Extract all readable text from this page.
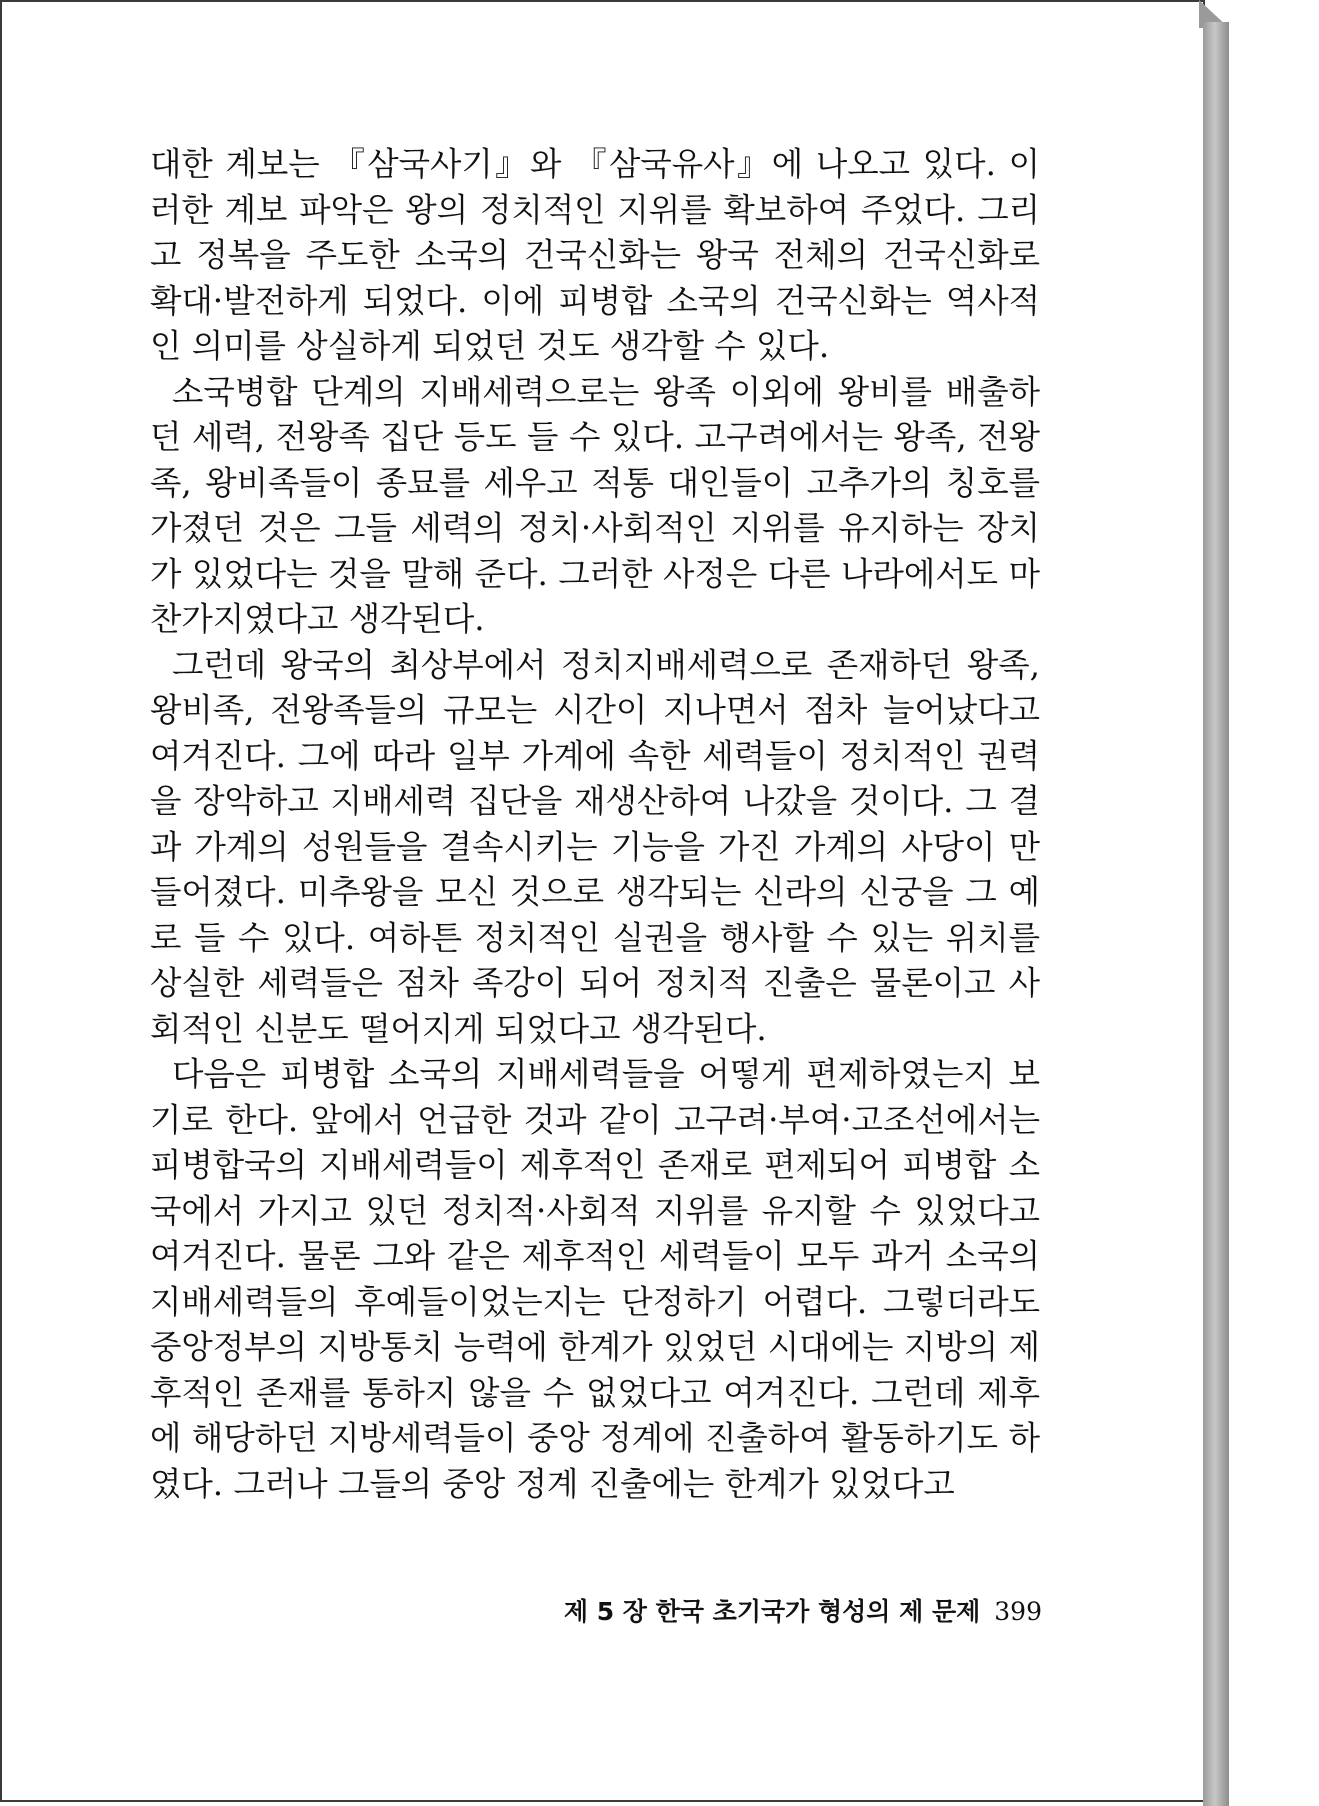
대한 계보는 『삼국사기』와 『삼국유사』에 나오고 있다. 이러한 계보 파악은 왕의 정치적인 지위를 확보하여 주었다. 그리고 정복을 주도한 소국의 건국신화는 왕국 전체의 건국신화로 확대·발전하게 되었다. 이에 피병합 소국의 건국신화는 역사적인 의미를 상실하게 되었던 것도 생각할 수 있다.

소국병합 단계의 지배세력으로는 왕족 이외에 왕비를 배출하던 세력, 전왕족 집단 등도 들 수 있다. 고구려에서는 왕족, 전왕족, 왕비족들이 종묘를 세우고 적통 대인들이 고추가의 칭호를 가졌던 것은 그들 세력의 정치·사회적인 지위를 유지하는 장치가 있었다는 것을 말해 준다. 그러한 사정은 다른 나라에서도 마찬가지였다고 생각된다.

그런데 왕국의 최상부에서 정치지배세력으로 존재하던 왕족, 왕비족, 전왕족들의 규모는 시간이 지나면서 점차 늘어났다고 여겨진다. 그에 따라 일부 가계에 속한 세력들이 정치적인 권력을 장악하고 지배세력 집단을 재생산하여 나갔을 것이다. 그 결과 가계의 성원들을 결속시키는 기능을 가진 가계의 사당이 만들어졌다. 미추왕을 모신 것으로 생각되는 신라의 신궁을 그 예로 들 수 있다. 여하튼 정치적인 실권을 행사할 수 있는 위치를 상실한 세력들은 점차 족강이 되어 정치적 진출은 물론이고 사회적인 신분도 떨어지게 되었다고 생각된다.

다음은 피병합 소국의 지배세력들을 어떻게 편제하였는지 보기로 한다. 앞에서 언급한 것과 같이 고구려·부여·고조선에서는 피병합국의 지배세력들이 제후적인 존재로 편제되어 피병합 소국에서 가지고 있던 정치적·사회적 지위를 유지할 수 있었다고 여겨진다. 물론 그와 같은 제후적인 세력들이 모두 과거 소국의 지배세력들의 후예들이었는지는 단정하기 어렵다. 그렇더라도 중앙정부의 지방통치 능력에 한계가 있었던 시대에는 지방의 제후적인 존재를 통하지 않을 수 없었다고 여겨진다. 그런데 제후에 해당하던 지방세력들이 중앙 정계에 진출하여 활동하기도 하였다. 그러나 그들의 중앙 정계 진출에는 한계가 있었다고

제 5 장 한국 초기국가 형성의 제 문제 399
